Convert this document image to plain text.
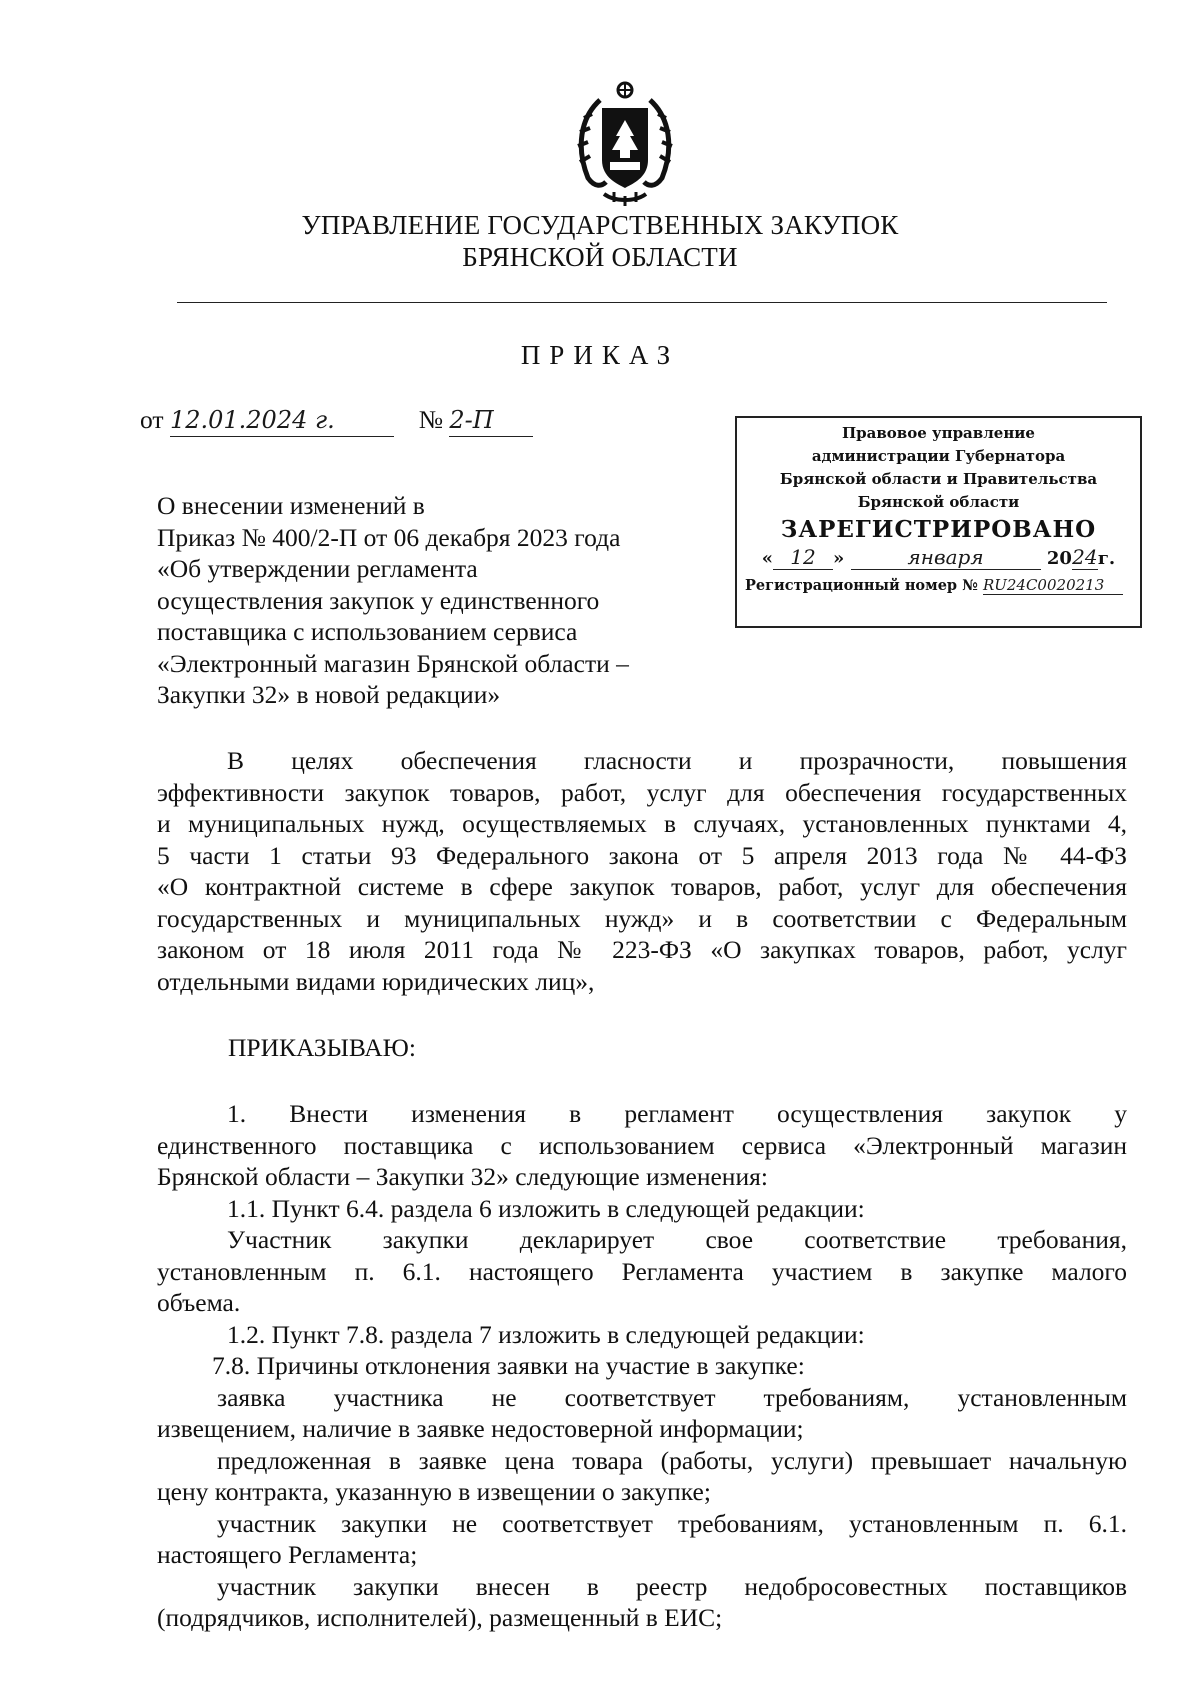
УПРАВЛЕНИЕ ГОСУДАРСТВЕННЫХ ЗАКУПОК
БРЯНСКОЙ ОБЛАСТИ
ПРИКАЗ
от 12.01.2024 г.	№ 2-П	Правовое управление
администрации Губернатора
Брянской области и Правительства
Брянской области
ЗАРЕГИСТРИРОВАНО
« 12 »	января	2024г.
Регистрационный номер № RU24C0020213
О внесении изменений в
Приказ № 400/2-П от 06 декабря 2023 года
«Об утверждении регламента
осуществления закупок у единственного
поставщика с использованием сервиса
«Электронный магазин Брянской области –
Закупки 32» в новой редакции»
В целях обеспечения гласности и прозрачности, повышения
эффективности закупок товаров, работ, услуг для обеспечения государственных
и муниципальных нужд, осуществляемых в случаях, установленных пунктами 4,
5 части 1 статьи 93 Федерального закона от 5 апреля 2013 года № 44-ФЗ
«О контрактной системе в сфере закупок товаров, работ, услуг для обеспечения
государственных и муниципальных нужд» и в соответствии с Федеральным
законом от 18 июля 2011 года № 223-ФЗ «О закупках товаров, работ, услуг
отдельными видами юридических лиц»,
ПРИКАЗЫВАЮ:
1. Внести изменения в регламент осуществления закупок у
единственного поставщика с использованием сервиса «Электронный магазин
Брянской области – Закупки 32» следующие изменения:
1.1. Пункт 6.4. раздела 6 изложить в следующей редакции:
Участник закупки декларирует свое соответствие требования,
установленным п. 6.1. настоящего Регламента участием в закупке малого
объема.
1.2. Пункт 7.8. раздела 7 изложить в следующей редакции:
7.8. Причины отклонения заявки на участие в закупке:
заявка участника не соответствует требованиям, установленным
извещением, наличие в заявке недостоверной информации;
предложенная в заявке цена товара (работы, услуги) превышает начальную
цену контракта, указанную в извещении о закупке;
участник закупки не соответствует требованиям, установленным п. 6.1.
настоящего Регламента;
участник закупки внесен в реестр недобросовестных поставщиков
(подрядчиков, исполнителей), размещенный в ЕИС;
